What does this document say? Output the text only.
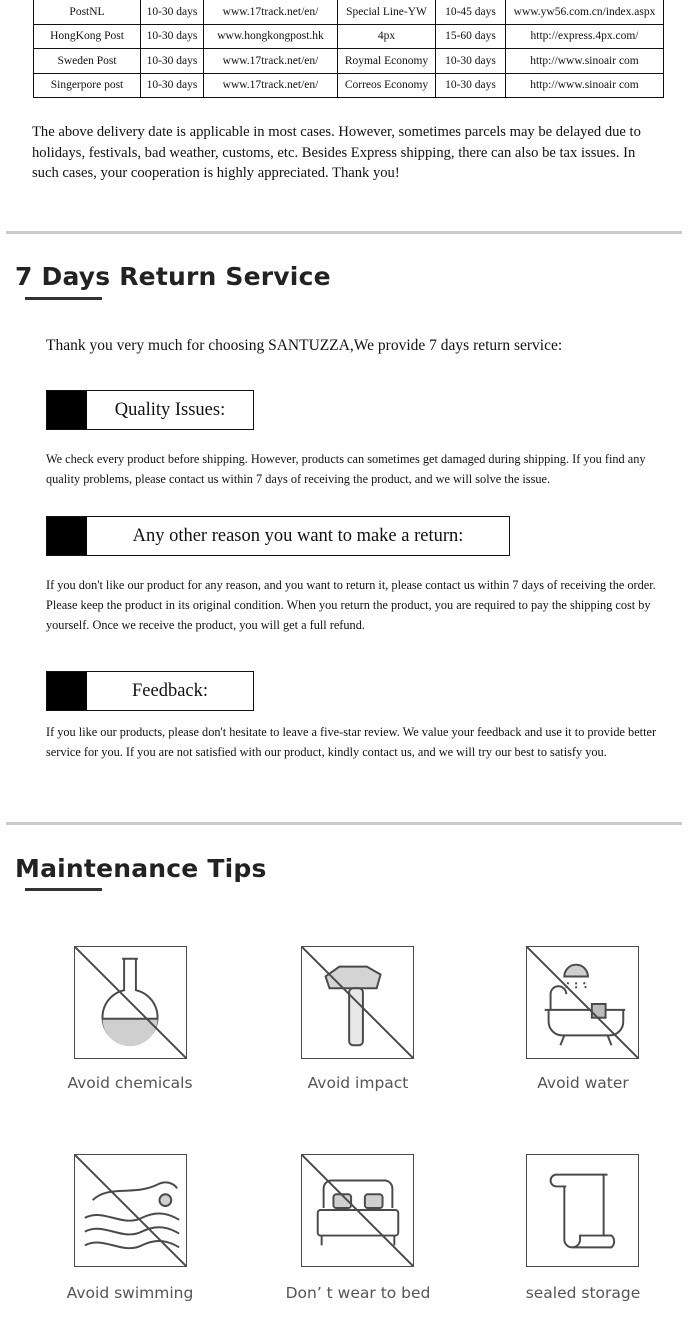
PostNL	10-30 days	www.17track.net/en/	Special Line-YW	10-45 days	www.yw56.com.cn/index.aspx
HongKong Post	10-30 days	www.hongkongpost.hk	4px	15-60 days	http://express.4px.com/
Sweden Post	10-30 days	www.17track.net/en/	Roymal Economy	10-30 days	http://www.sinoair com
Singerpore post	10-30 days	www.17track.net/en/	Correos Economy	10-30 days	http://www.sinoair com

The above delivery date is applicable in most cases. However, sometimes parcels may be delayed due to holidays, festivals, bad weather, customs, etc. Besides Express shipping, there can also be tax issues. In such cases, your cooperation is highly appreciated. Thank you!

7 Days Return Service

Thank you very much for choosing SANTUZZA,We provide 7 days return service:

Quality Issues:

We check every product before shipping. However, products can sometimes get damaged during shipping. If you find any quality problems, please contact us within 7 days of receiving the product, and we will solve the issue.

Any other reason you want to make a return:

If you don't like our product for any reason, and you want to return it, please contact us within 7 days of receiving the order. Please keep the product in its original condition. When you return the product, you are required to pay the shipping cost by yourself. Once we receive the product, you will get a full refund.

Feedback:

If you like our products, please don't hesitate to leave a five-star review. We value your feedback and use it to provide better service for you. If you are not satisfied with our product, kindly contact us, and we will try our best to satisfy you.

Maintenance Tips
Avoid chemicals	Avoid impact	Avoid water
Avoid swimming	Don’ t wear to bed	sealed storage
